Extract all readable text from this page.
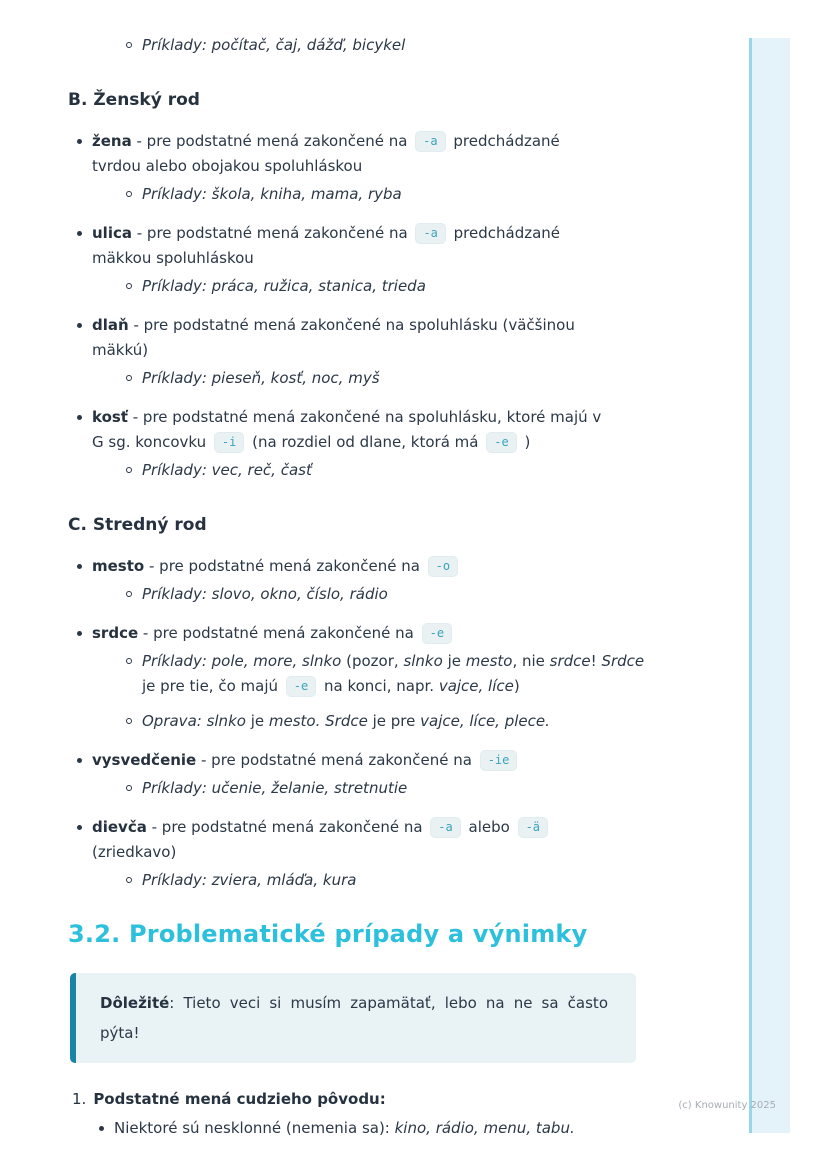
Príklady: počítač, čaj, dážď, bicykel
B. Ženský rod
žena - pre podstatné mená zakončené na -a predchádzané
tvrdou alebo obojakou spoluhláskou
Príklady: škola, kniha, mama, ryba
ulica - pre podstatné mená zakončené na -a predchádzané
mäkkou spoluhláskou
Príklady: práca, ružica, stanica, trieda
dlaň - pre podstatné mená zakončené na spoluhlásku (väčšinou
mäkkú)
Príklady: pieseň, kosť, noc, myš
kosť - pre podstatné mená zakončené na spoluhlásku, ktoré majú v
G sg. koncovku -i (na rozdiel od dlane, ktorá má -e )
Príklady: vec, reč, časť
C. Stredný rod
mesto - pre podstatné mená zakončené na -o
Príklady: slovo, okno, číslo, rádio
srdce - pre podstatné mená zakončené na -e
Príklady: pole, more, slnko (pozor, slnko je mesto, nie srdce! Srdce
je pre tie, čo majú -e na konci, napr. vajce, líce)
Oprava: slnko je mesto. Srdce je pre vajce, líce, plece.
vysvedčenie - pre podstatné mená zakončené na -ie
Príklady: učenie, želanie, stretnutie
dievča - pre podstatné mená zakončené na -a alebo -ä
(zriedkavo)
Príklady: zviera, mláďa, kura
3.2. Problematické prípady a výnimky
Dôležité: Tieto veci si musím zapamätať, lebo na ne sa často pýta!
1. Podstatné mená cudzieho pôvodu:
Niektoré sú nesklonné (nemenia sa): kino, rádio, menu, tabu.
(c) Knowunity 2025
